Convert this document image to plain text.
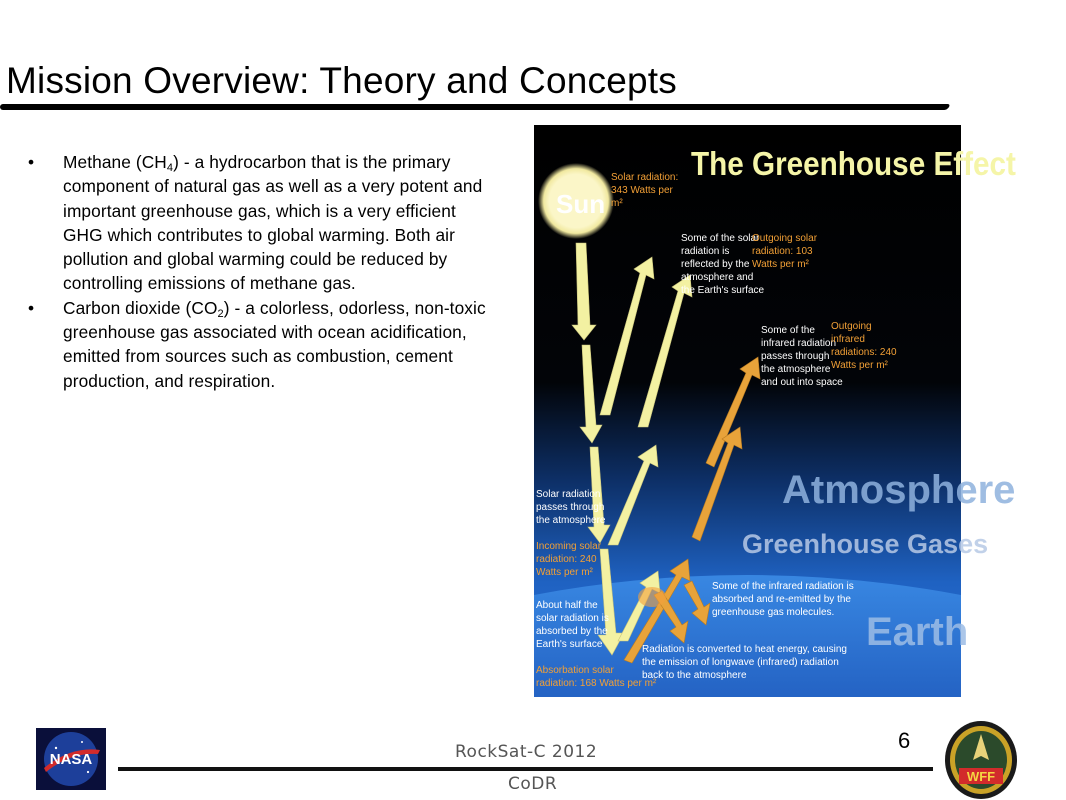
Mission Overview: Theory and Concepts
• Methane $(CH_4)$ - a hydrocarbon that is the primary component of natural gas as well as a very potent and important greenhouse gas, which is a very efficient GHG which contributes to global warming. Both air pollution and global warming could be reduced by controlling emissions of methane gas.
• Carbon dioxide $(CO_2)$ - a colorless, odorless, non-toxic greenhouse gas associated with ocean acidification, emitted from sources such as combustion, cement production, and respiration.
The Greenhouse Effect
Sun
Solar radiation:
343 Watts per
m²
Some of the solar
radiation is
reflected by the
atmosphere and
the Earth's surface
Outgoing solar
radiation: 103
Watts per m²
Some of the
infrared radiation
passes through
the atmosphere
and out into space
Outgoing
infrared
radiations: 240
Watts per m²
Atmosphere
Greenhouse Gases
Solar radiation
passes through
the atmosphere
Incoming solar
radiation: 240
Watts per m²
About half the
solar radiation is
absorbed by the
Earth's surface
Absorbation solar
radiation: 168 Watts per m²
Some of the infrared radiation is
absorbed and re-emitted by the
greenhouse gas molecules.
Radiation is converted to heat energy, causing
the emission of longwave (infrared) radiation
back to the atmosphere
Earth
NASA	RockSat-C 2012
CoDR
6
WFF
